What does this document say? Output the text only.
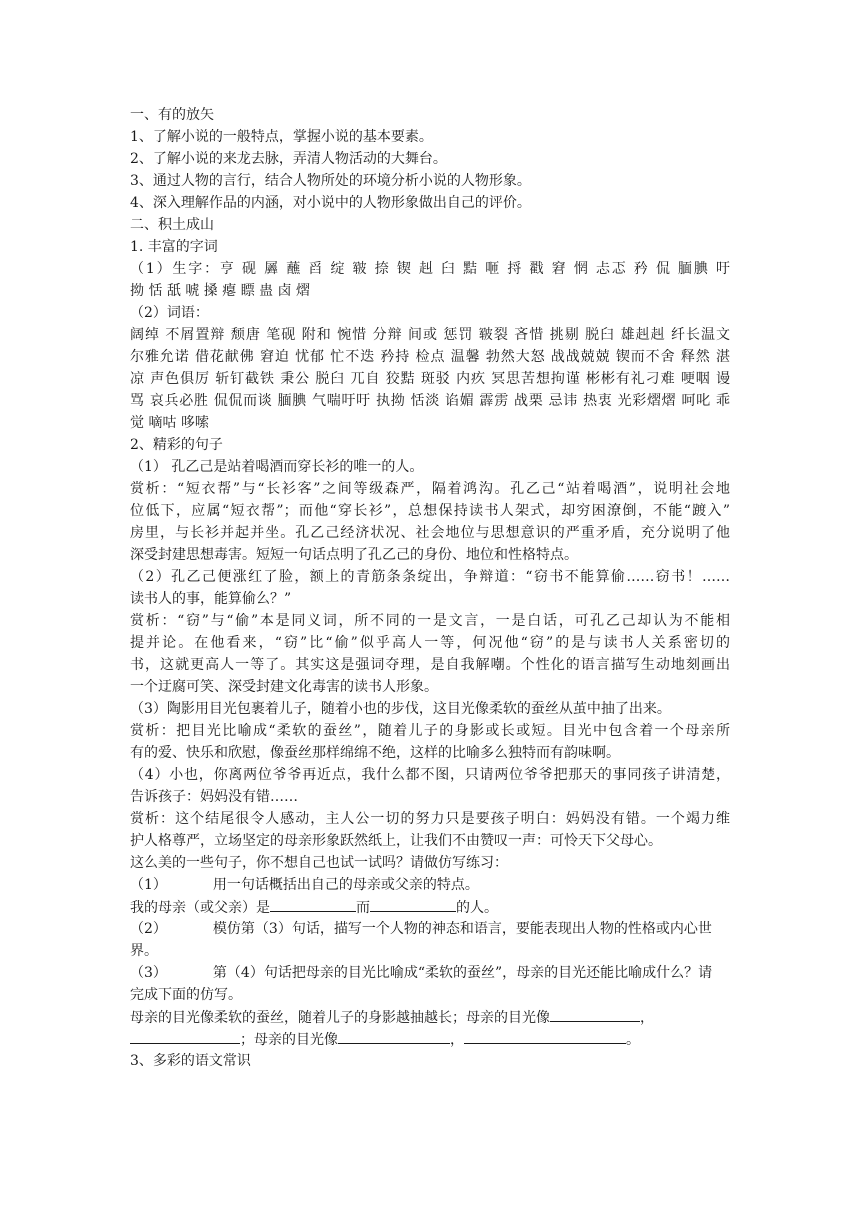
一、有的放矢
1、了解小说的一般特点，掌握小说的基本要素。
2、了解小说的来龙去脉，弄清人物活动的大舞台。
3、通过人物的言行，结合人物所处的环境分析小说的人物形象。
4、深入理解作品的内涵，对小说中的人物形象做出自己的评价。
二、积土成山
1. 丰富的字词
（1）生字：亨 砚 羼 蘸 舀 绽 皲 捺 锲 赳 臼 黠 咂 捋 戳 窘 惘 忐忑 矜 侃 腼腆 吁
拗 恬 舐 唬 搡 瘪 瞟 蛊 卤 熠
（2）词语：
阔绰 不屑置辩 颓唐 笔砚 附和 惋惜 分辩 间或 惩罚 皲裂 吝惜 挑剔 脱臼 雄赳赳 纤长温文
尔雅允诺 借花献佛 窘迫 忧郁 忙不迭 矜持 检点 温馨 勃然大怒 战战兢兢 锲而不舍 释然 湛
凉 声色俱厉 斩钉截铁 秉公 脱臼 兀自 狡黠 斑驳 内疚 冥思苦想拘谨 彬彬有礼刁难 哽咽 谩
骂 哀兵必胜 侃侃而谈 腼腆 气喘吁吁 执拗 恬淡 谄媚 霹雳 战栗 忌讳 热衷 光彩熠熠 呵叱 乖
觉 嘀咕 哆嗦
2、精彩的句子
（1） 孔乙己是站着喝酒而穿长衫的唯一的人。
赏析：“短衣帮”与“长衫客”之间等级森严，隔着鸿沟。孔乙己“站着喝酒”，说明社会地
位低下，应属“短衣帮”；而他“穿长衫”，总想保持读书人架式，却穷困潦倒，不能“踱入”
房里，与长衫并起并坐。孔乙己经济状况、社会地位与思想意识的严重矛盾，充分说明了他
深受封建思想毒害。短短一句话点明了孔乙己的身份、地位和性格特点。
（2）孔乙己便涨红了脸，额上的青筋条条绽出，争辩道：“窃书不能算偷……窃书！……
读书人的事，能算偷么？”
赏析：“窃”与“偷”本是同义词，所不同的一是文言，一是白话，可孔乙己却认为不能相
提并论。在他看来，“窃”比“偷”似乎高人一等，何况他“窃”的是与读书人关系密切的
书，这就更高人一等了。其实这是强词夺理，是自我解嘲。个性化的语言描写生动地刻画出
一个迂腐可笑、深受封建文化毒害的读书人形象。
（3）陶影用目光包裹着儿子，随着小也的步伐，这目光像柔软的蚕丝从茧中抽了出来。
赏析：把目光比喻成“柔软的蚕丝”，随着儿子的身影或长或短。目光中包含着一个母亲所
有的爱、快乐和欣慰，像蚕丝那样绵绵不绝，这样的比喻多么独特而有韵味啊。
（4）小也，你离两位爷爷再近点，我什么都不图，只请两位爷爷把那天的事同孩子讲清楚，
告诉孩子：妈妈没有错……
赏析：这个结尾很令人感动，主人公一切的努力只是要孩子明白：妈妈没有错。一个竭力维
护人格尊严，立场坚定的母亲形象跃然纸上，让我们不由赞叹一声：可怜天下父母心。
这么美的一些句子，你不想自己也试一试吗？请做仿写练习：
（1）	用一句话概括出自己的母亲或父亲的特点。
我的母亲（或父亲）是	而	的人。
（2）	模仿第（3）句话，描写一个人物的神态和语言，要能表现出人物的性格或内心世
界。
（3）	第（4）句话把母亲的目光比喻成“柔软的蚕丝”，母亲的目光还能比喻成什么？请
完成下面的仿写。
母亲的目光像柔软的蚕丝，随着儿子的身影越抽越长；母亲的目光像	，
；母亲的目光像	，	。
3、多彩的语文常识
